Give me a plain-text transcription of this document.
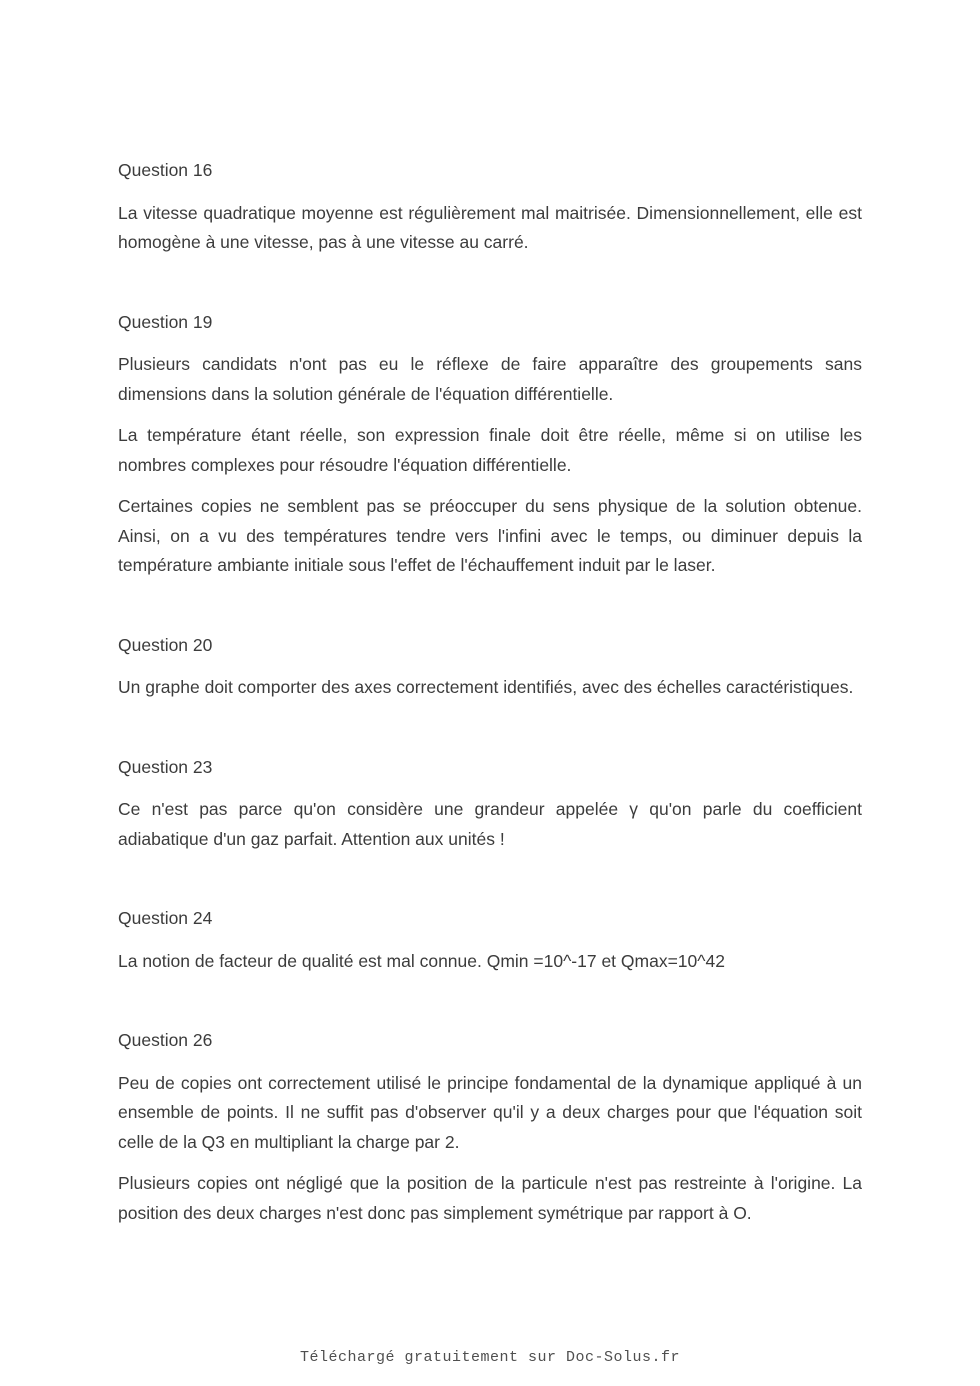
Question 16

La vitesse quadratique moyenne est régulièrement mal maitrisée. Dimensionnellement, elle est homogène à une vitesse, pas à une vitesse au carré.

Question 19

Plusieurs candidats n'ont pas eu le réflexe de faire apparaître des groupements sans dimensions dans la solution générale de l'équation différentielle.

La température étant réelle, son expression finale doit être réelle, même si on utilise les nombres complexes pour résoudre l'équation différentielle.

Certaines copies ne semblent pas se préoccuper du sens physique de la solution obtenue. Ainsi, on a vu des températures tendre vers l'infini avec le temps, ou diminuer depuis la température ambiante initiale sous l'effet de l'échauffement induit par le laser.

Question 20

Un graphe doit comporter des axes correctement identifiés, avec des échelles caractéristiques.

Question 23

Ce n'est pas parce qu'on considère une grandeur appelée γ qu'on parle du coefficient adiabatique d'un gaz parfait. Attention aux unités !

Question 24

La notion de facteur de qualité est mal connue. Qmin =10^-17 et Qmax=10^42

Question 26

Peu de copies ont correctement utilisé le principe fondamental de la dynamique appliqué à un ensemble de points. Il ne suffit pas d'observer qu'il y a deux charges pour que l'équation soit celle de la Q3 en multipliant la charge par 2.

Plusieurs copies ont négligé que la position de la particule n'est pas restreinte à l'origine. La position des deux charges n'est donc pas simplement symétrique par rapport à O.

Téléchargé gratuitement sur Doc-Solus.fr
